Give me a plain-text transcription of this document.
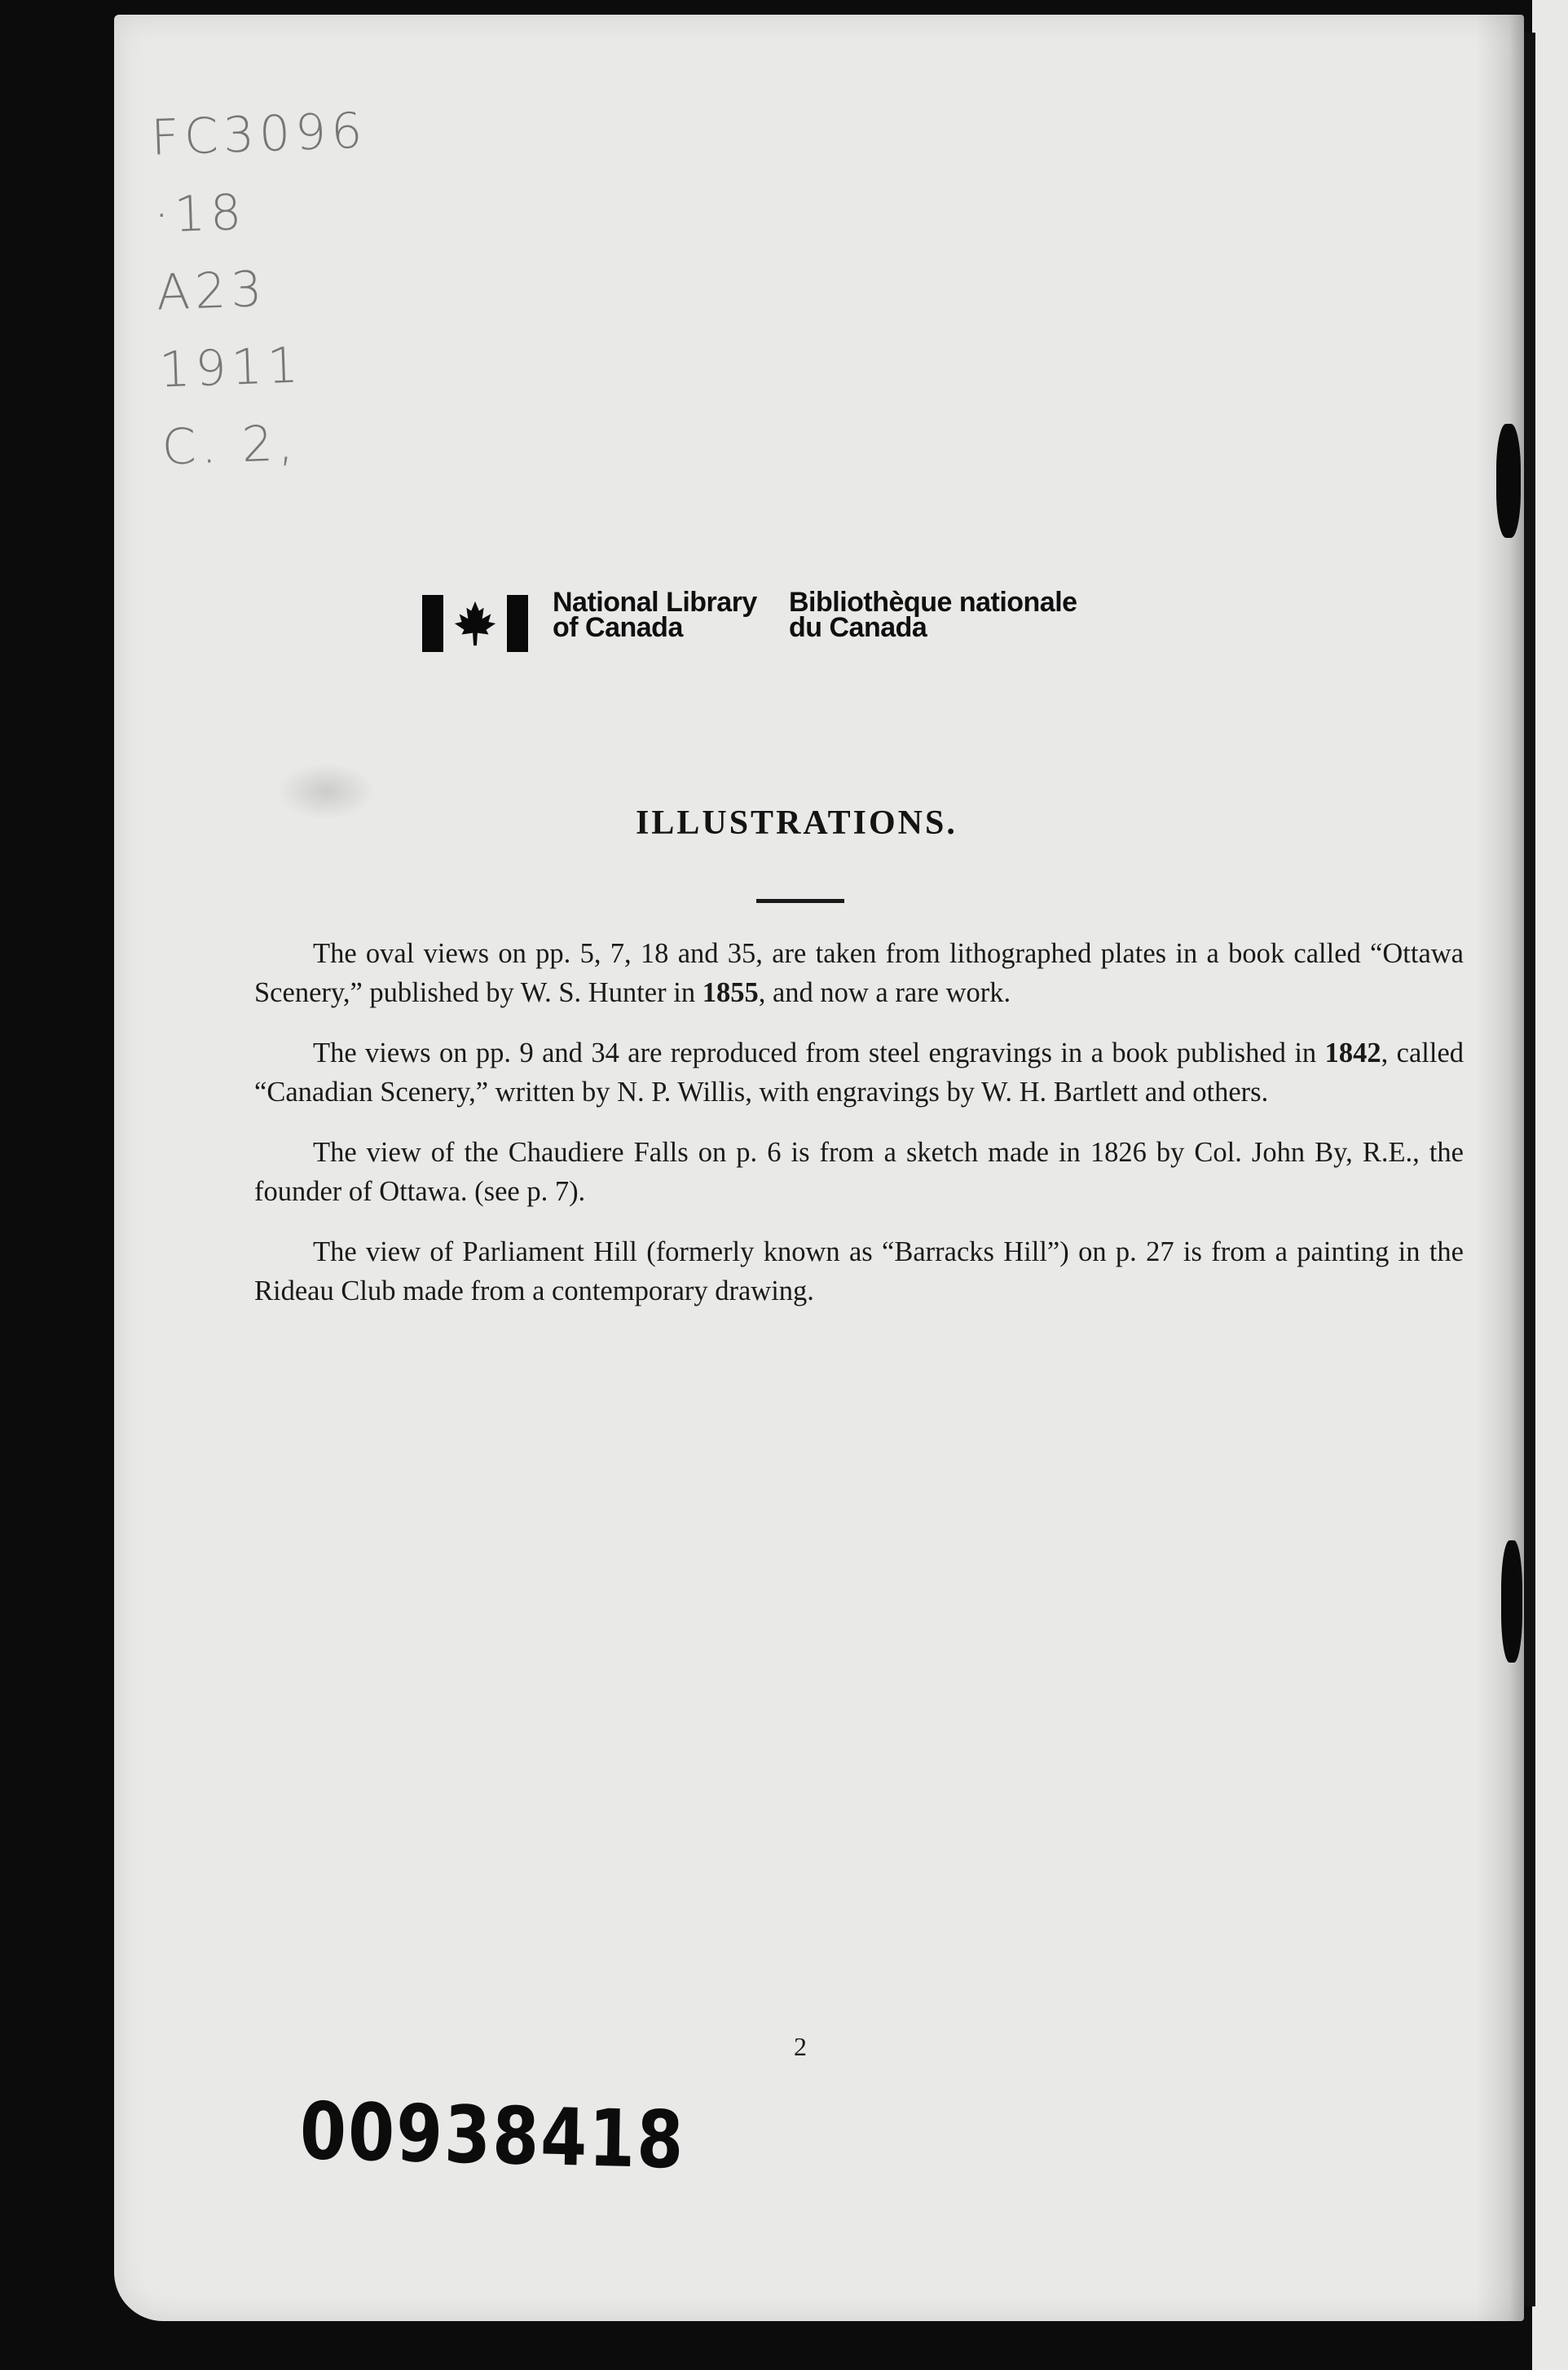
FC3096
·18
A23
1911
C. 2,
National Library
of Canada
Bibliothèque nationale
du Canada
ILLUSTRATIONS.

The oval views on pp. 5, 7, 18 and 35, are taken from lithographed plates in a book called “Ottawa Scenery,” published by W. S. Hunter in 1855, and now a rare work.

The views on pp. 9 and 34 are reproduced from steel engravings in a book published in 1842, called “Canadian Scenery,” written by N. P. Willis, with engravings by W. H. Bartlett and others.

The view of the Chaudiere Falls on p. 6 is from a sketch made in 1826 by Col. John By, R.E., the founder of Ottawa. (see p. 7).

The view of Parliament Hill (formerly known as “Barracks Hill”) on p. 27 is from a painting in the Rideau Club made from a contemporary drawing.

2
00938418
